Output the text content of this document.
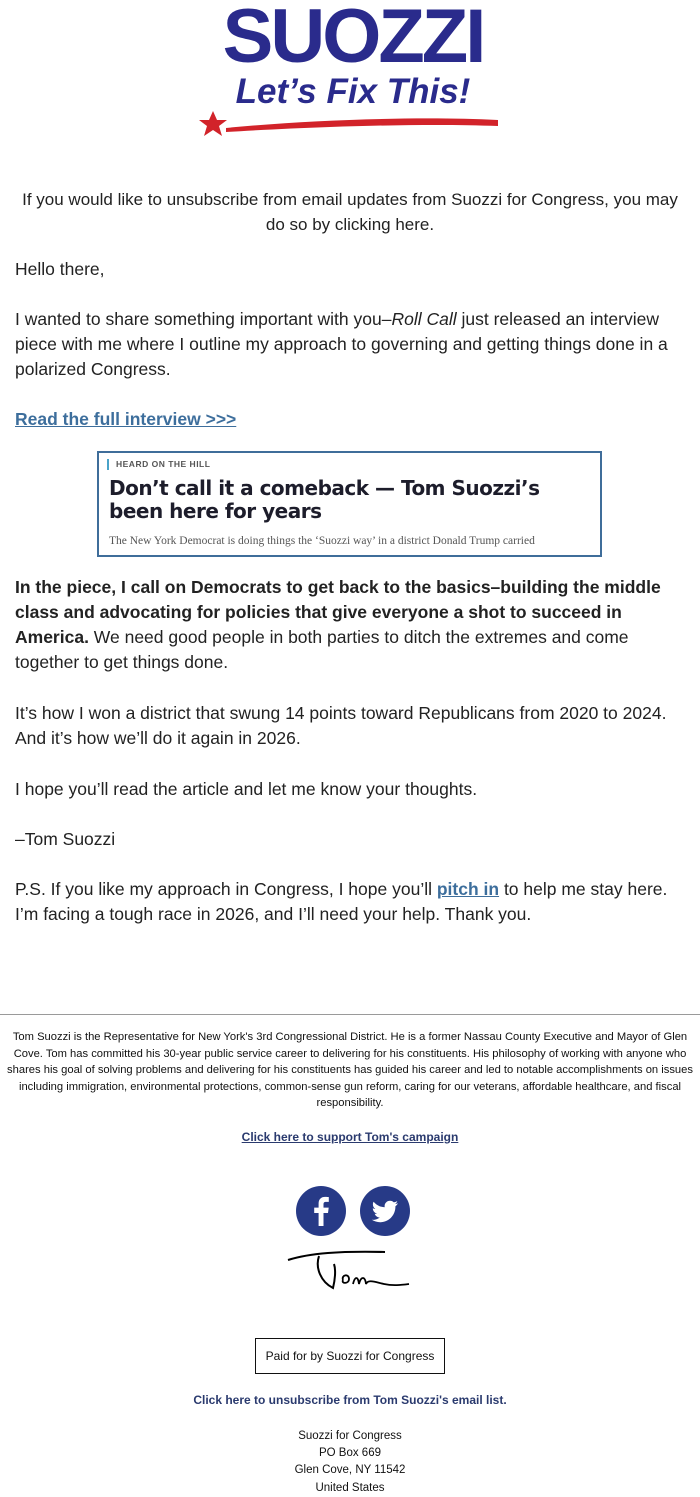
SUOZZI
Let’s Fix This!
If you would like to unsubscribe from email updates from Suozzi for Congress, you may do so by clicking here.
Hello there,
I wanted to share something important with you–Roll Call just released an interview piece with me where I outline my approach to governing and getting things done in a polarized Congress.
Read the full interview >>>
HEARD ON THE HILL
Don’t call it a comeback — Tom Suozzi’s been here for years
The New York Democrat is doing things the ‘Suozzi way’ in a district Donald Trump carried
In the piece, I call on Democrats to get back to the basics–building the middle class and advocating for policies that give everyone a shot to succeed in America. We need good people in both parties to ditch the extremes and come together to get things done.
It’s how I won a district that swung 14 points toward Republicans from 2020 to 2024. And it’s how we’ll do it again in 2026.
I hope you’ll read the article and let me know your thoughts.
–Tom Suozzi
P.S. If you like my approach in Congress, I hope you’ll pitch in to help me stay here. I’m facing a tough race in 2026, and I’ll need your help. Thank you.
Tom Suozzi is the Representative for New York's 3rd Congressional District. He is a former Nassau County Executive and Mayor of Glen Cove. Tom has committed his 30-year public service career to delivering for his constituents. His philosophy of working with anyone who shares his goal of solving problems and delivering for his constituents has guided his career and led to notable accomplishments on issues including immigration, environmental protections, common-sense gun reform, caring for our veterans, affordable healthcare, and fiscal responsibility.
Click here to support Tom's campaign
Paid for by Suozzi for Congress
Click here to unsubscribe from Tom Suozzi's email list.
Suozzi for Congress
PO Box 669
Glen Cove, NY 11542
United States
